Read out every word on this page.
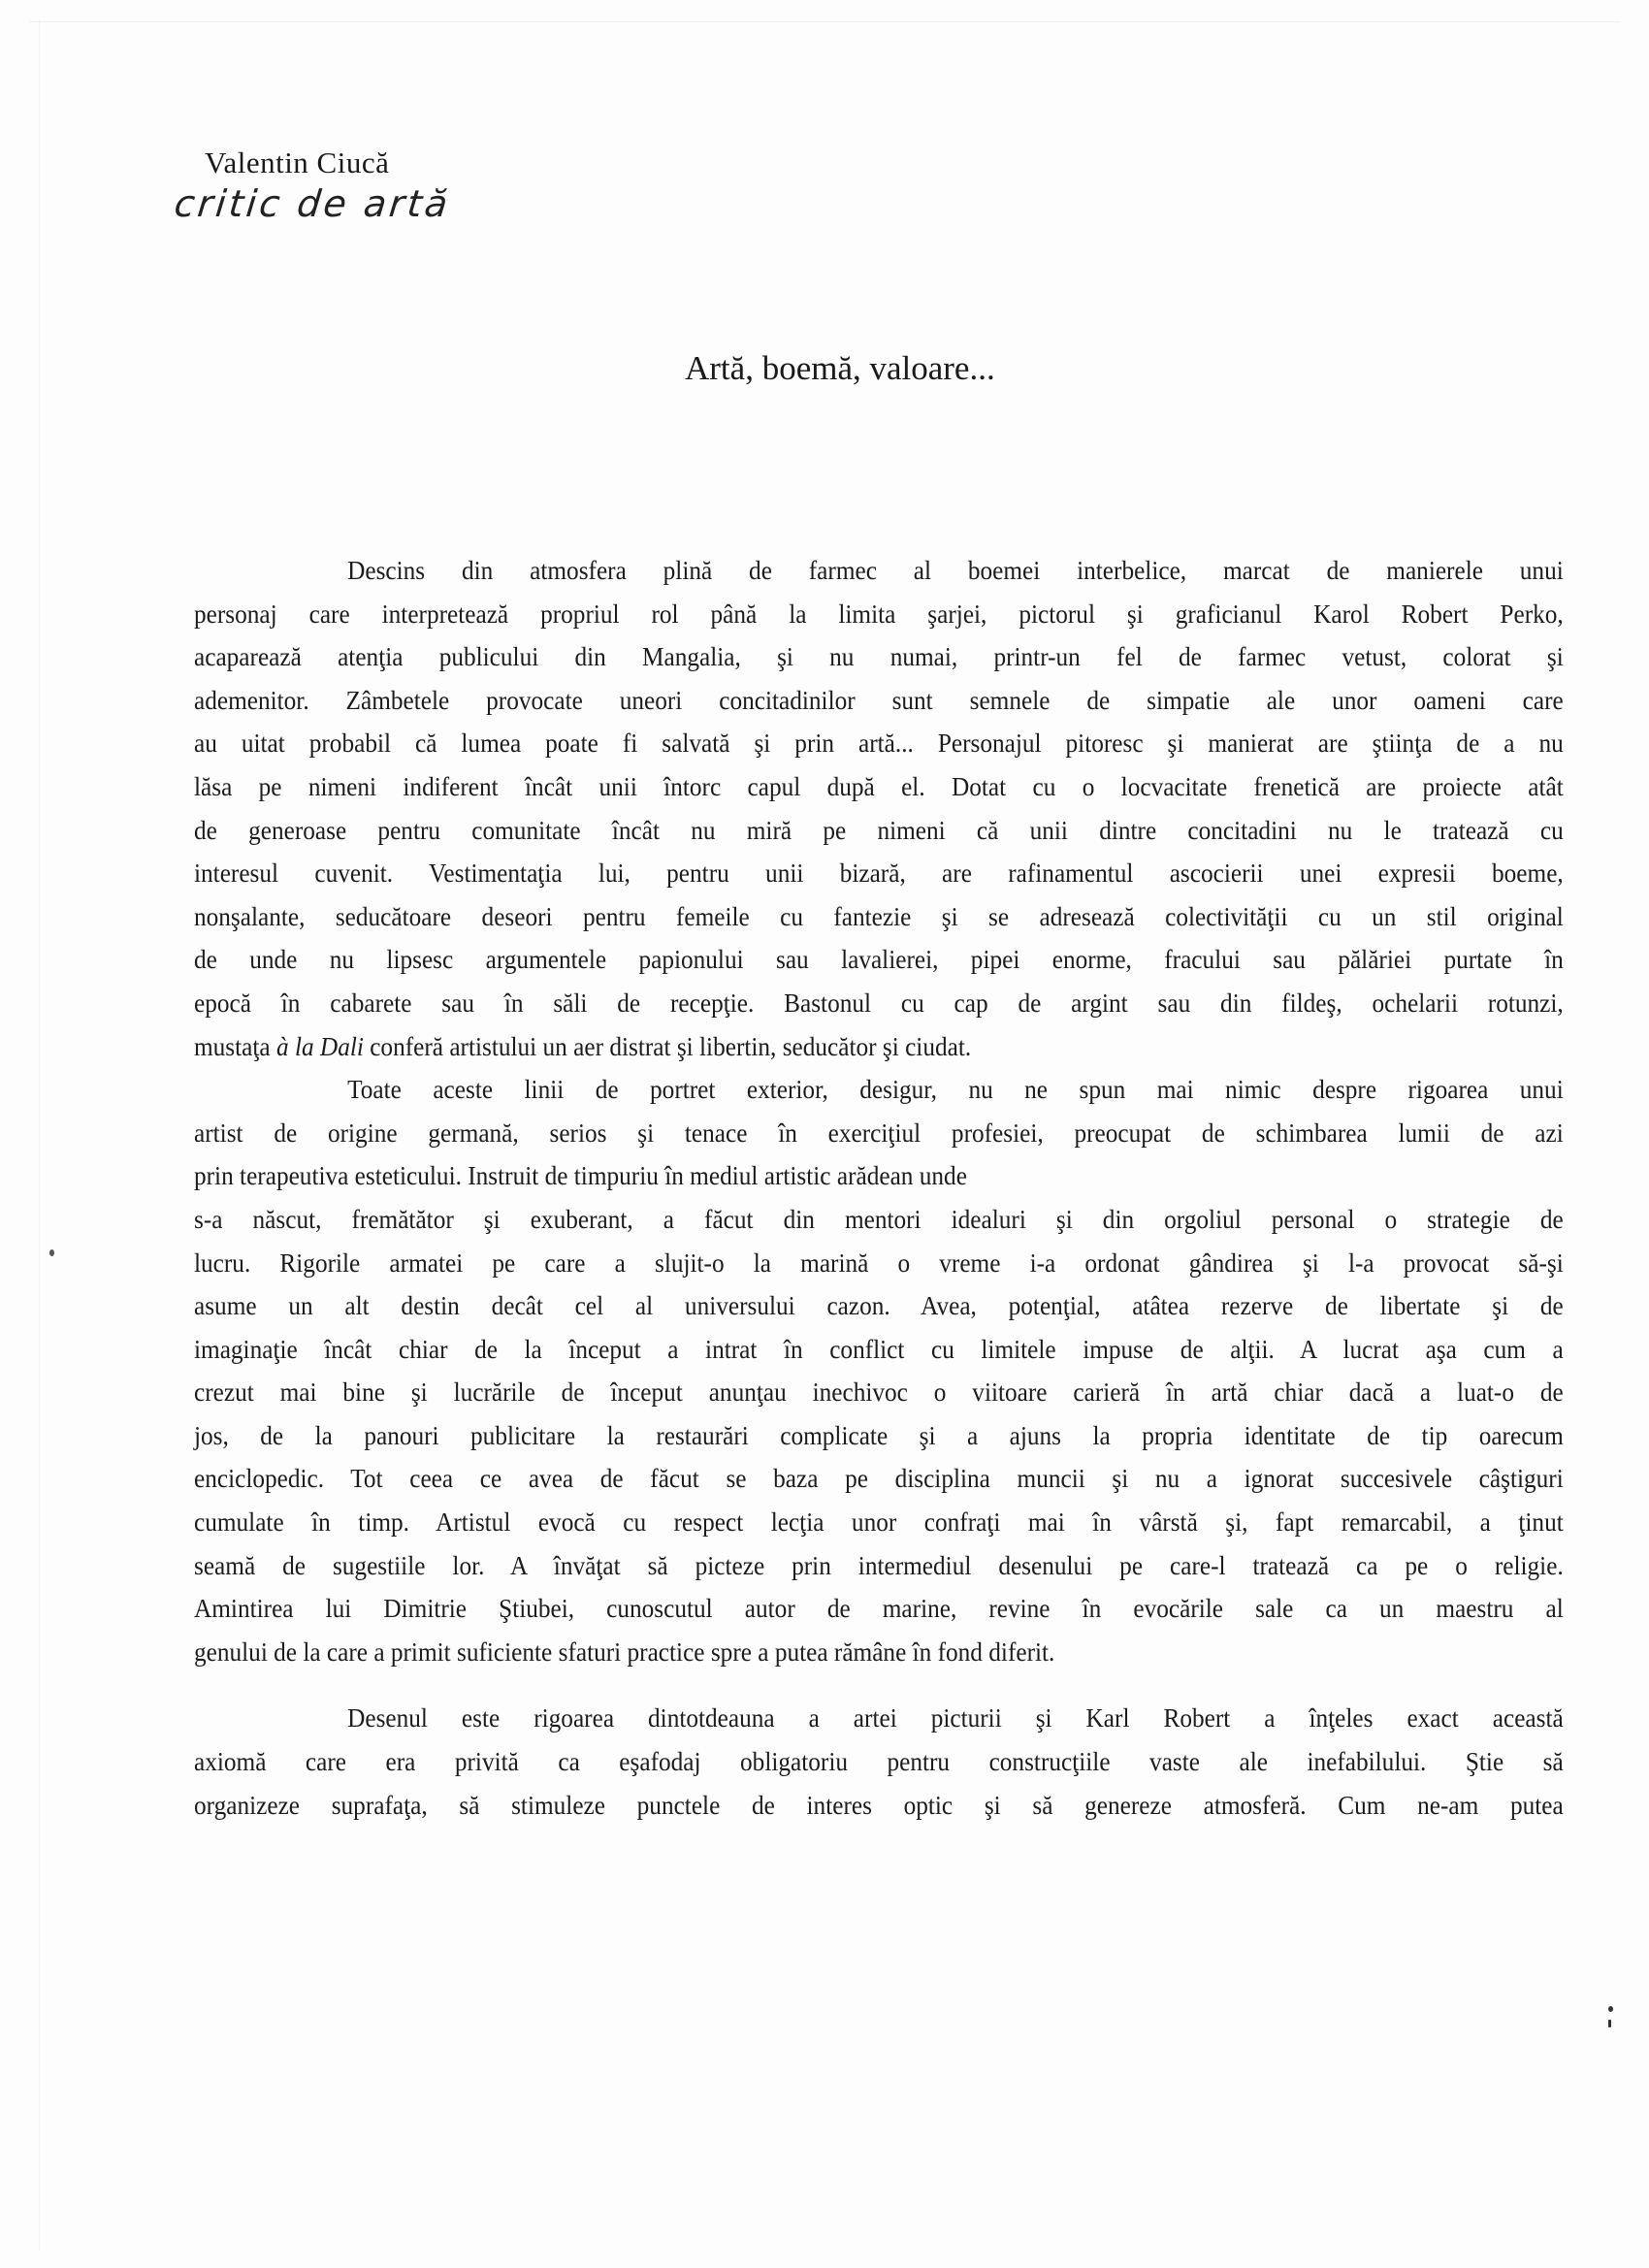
Valentin Ciucă
critic de artă
Artă, boemă, valoare...
Descins din atmosfera plină de farmec al boemei interbelice, marcat de manierele unui
personaj care interpretează propriul rol până la limita şarjei, pictorul şi graficianul Karol Robert Perko,
acaparează atenţia publicului din Mangalia, şi nu numai, printr-un fel de farmec vetust, colorat şi
ademenitor. Zâmbetele provocate uneori concitadinilor sunt semnele de simpatie ale unor oameni care
au uitat probabil că lumea poate fi salvată şi prin artă... Personajul pitoresc şi manierat are ştiinţa de a nu
lăsa pe nimeni indiferent încât unii întorc capul după el. Dotat cu o locvacitate frenetică are proiecte atât
de generoase pentru comunitate încât nu miră pe nimeni că unii dintre concitadini nu le tratează cu
interesul cuvenit. Vestimentaţia lui, pentru unii bizară, are rafinamentul ascocierii unei expresii boeme,
nonşalante, seducătoare deseori pentru femeile cu fantezie şi se adresează colectivităţii cu un stil original
de unde nu lipsesc argumentele papionului sau lavalierei, pipei enorme, fracului sau pălăriei purtate în
epocă în cabarete sau în săli de recepţie. Bastonul cu cap de argint sau din fildeş, ochelarii rotunzi,
mustaţa à la Dali conferă artistului un aer distrat şi libertin, seducător şi ciudat.
Toate aceste linii de portret exterior, desigur, nu ne spun mai nimic despre rigoarea unui
artist de origine germană, serios şi tenace în exerciţiul profesiei, preocupat de schimbarea lumii de azi
prin terapeutiva esteticului. Instruit de timpuriu în mediul artistic arădean unde
s-a născut, fremătător şi exuberant, a făcut din mentori idealuri şi din orgoliul personal o strategie de
lucru. Rigorile armatei pe care a slujit-o la marină o vreme i-a ordonat gândirea şi l-a provocat să-şi
asume un alt destin decât cel al universului cazon. Avea, potenţial, atâtea rezerve de libertate şi de
imaginaţie încât chiar de la început a intrat în conflict cu limitele impuse de alţii. A lucrat aşa cum a
crezut mai bine şi lucrările de început anunţau inechivoc o viitoare carieră în artă chiar dacă a luat-o de
jos, de la panouri publicitare la restaurări complicate şi a ajuns la propria identitate de tip oarecum
enciclopedic. Tot ceea ce avea de făcut se baza pe disciplina muncii şi nu a ignorat succesivele câştiguri
cumulate în timp. Artistul evocă cu respect lecţia unor confraţi mai în vârstă şi, fapt remarcabil, a ţinut
seamă de sugestiile lor. A învăţat să picteze prin intermediul desenului pe care-l tratează ca pe o religie.
Amintirea lui Dimitrie Ştiubei, cunoscutul autor de marine, revine în evocările sale ca un maestru al
genului de la care a primit suficiente sfaturi practice spre a putea rămâne în fond diferit.
Desenul este rigoarea dintotdeauna a artei picturii şi Karl Robert a înţeles exact această
axiomă care era privită ca eşafodaj obligatoriu pentru construcţiile vaste ale inefabilului. Ştie să
organizeze suprafaţa, să stimuleze punctele de interes optic şi să genereze atmosferă. Cum ne-am putea
